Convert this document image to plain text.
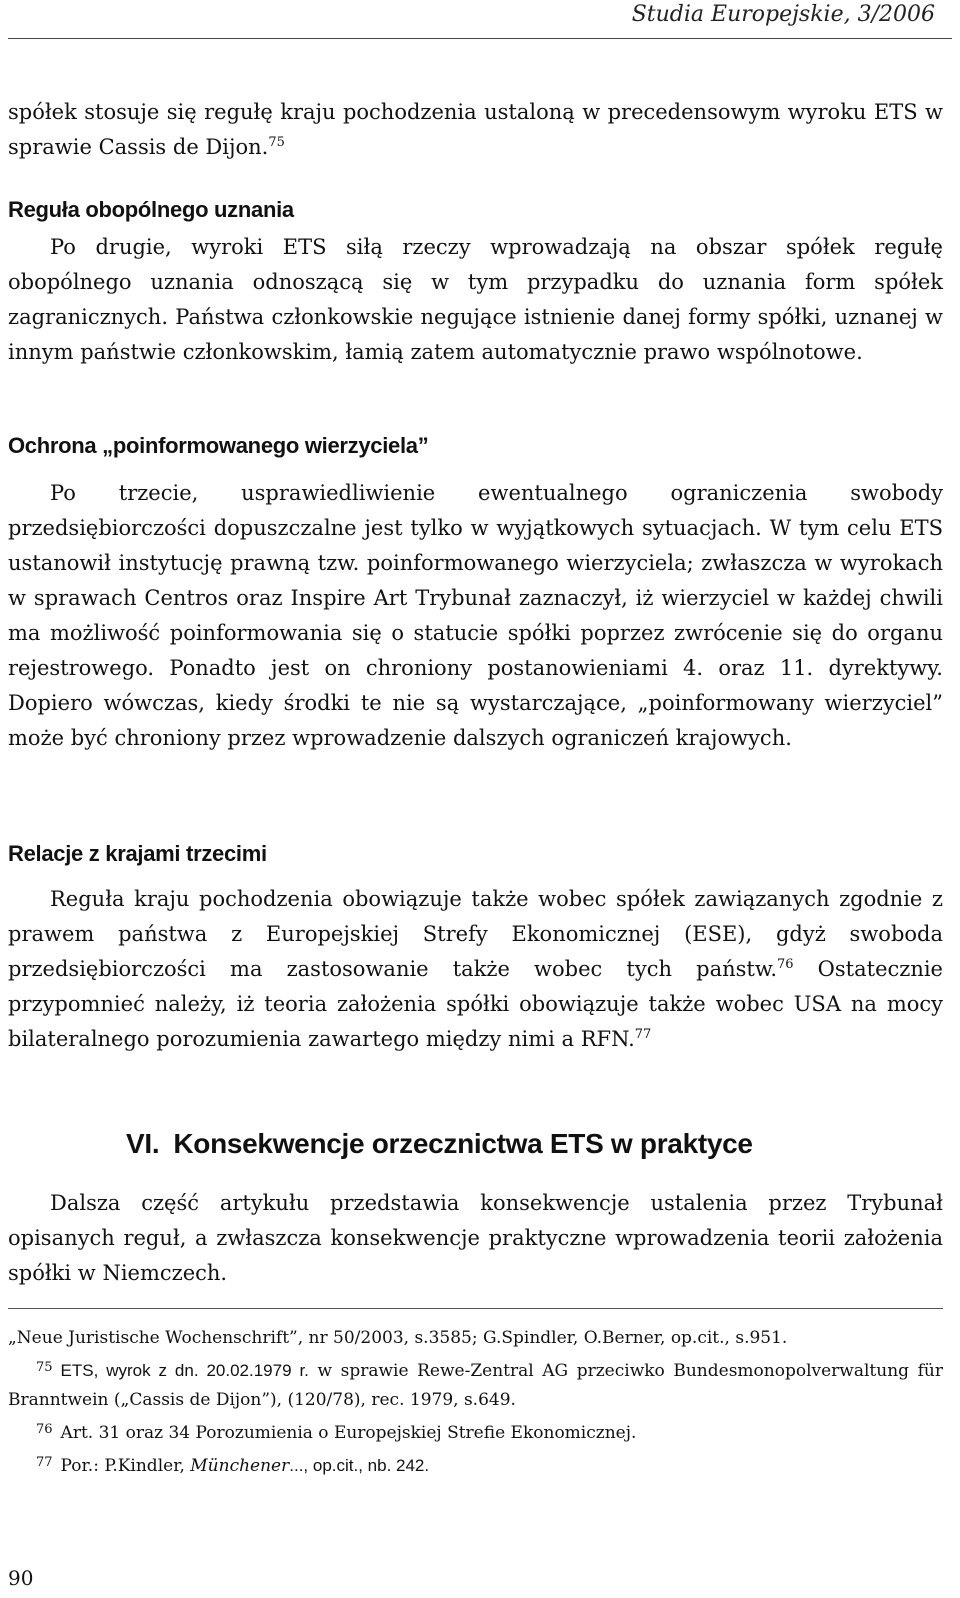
Studia Europejskie, 3/2006

spółek stosuje się regułę kraju pochodzenia ustaloną w precedensowym wyroku ETS w sprawie Cassis de Dijon.$^{75}$

Reguła obopólnego uznania

Po drugie, wyroki ETS siłą rzeczy wprowadzają na obszar spółek regułę obopólnego uznania odnoszącą się w tym przypadku do uznania form spółek zagranicznych. Państwa członkowskie negujące istnienie danej formy spółki, uznanej w innym państwie członkowskim, łamią zatem automatycznie prawo wspólnotowe.

Ochrona „poinformowanego wierzyciela”

Po trzecie, usprawiedliwienie ewentualnego ograniczenia swobody przedsiębiorczości dopuszczalne jest tylko w wyjątkowych sytuacjach. W tym celu ETS ustanowił instytucję prawną tzw. poinformowanego wierzyciela; zwłaszcza w wyrokach w sprawach Centros oraz Inspire Art Trybunał zaznaczył, iż wierzyciel w każdej chwili ma możliwość poinformowania się o statucie spółki poprzez zwrócenie się do organu rejestrowego. Ponadto jest on chroniony postanowieniami 4. oraz 11. dyrektywy. Dopiero wówczas, kiedy środki te nie są wystarczające, „poinformowany wierzyciel” może być chroniony przez wprowadzenie dalszych ograniczeń krajowych.

Relacje z krajami trzecimi

Reguła kraju pochodzenia obowiązuje także wobec spółek zawiązanych zgodnie z prawem państwa z Europejskiej Strefy Ekonomicznej (ESE), gdyż swoboda przedsiębiorczości ma zastosowanie także wobec tych państw.$^{76}$ Ostatecznie przypomnieć należy, iż teoria założenia spółki obowiązuje także wobec USA na mocy bilateralnego porozumienia zawartego między nimi a RFN.$^{77}$

VI. Konsekwencje orzecznictwa ETS w praktyce

Dalsza część artykułu przedstawia konsekwencje ustalenia przez Trybunał opisanych reguł, a zwłaszcza konsekwencje praktyczne wprowadzenia teorii założenia spółki w Niemczech.

„Neue Juristische Wochenschrift”, nr 50/2003, s.3585; G.Spindler, O.Berner, op.cit., s.951.
$^{75}$ ETS, wyrok z dn. 20.02.1979 r. w sprawie Rewe-Zentral AG przeciwko Bundesmonopolverwaltung für Branntwein („Cassis de Dijon”), (120/78), rec. 1979, s.649.
$^{76}$ Art. 31 oraz 34 Porozumienia o Europejskiej Strefie Ekonomicznej.
$^{77}$ Por.: P.Kindler, Münchener..., op.cit., nb. 242.
90
